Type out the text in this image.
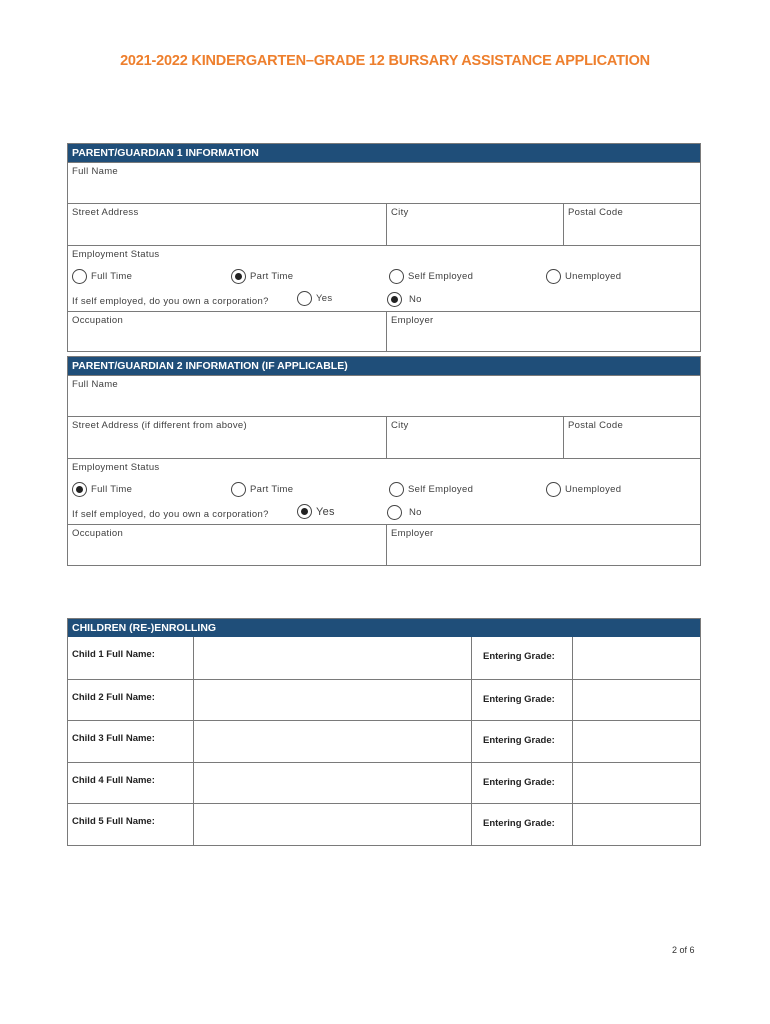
2021-2022 KINDERGARTEN–GRADE 12 BURSARY ASSISTANCE APPLICATION
PARENT/GUARDIAN 1 INFORMATION
Full Name
Street Address	City	Postal Code
Employment Status
Full Time	Part Time	Self Employed	Unemployed
If self employed, do you own a corporation?	Yes	No
Occupation	Employer
PARENT/GUARDIAN 2 INFORMATION (IF APPLICABLE)
Full Name
Street Address (if different from above)	City	Postal Code
Employment Status
Full Time	Part Time	Self Employed	Unemployed
If self employed, do you own a corporation?	Yes	No
Occupation	Employer
CHILDREN (RE-)ENROLLING
Child 1 Full Name:	Entering Grade:
Child 2 Full Name:	Entering Grade:
Child 3 Full Name:	Entering Grade:
Child 4 Full Name:	Entering Grade:
Child 5 Full Name:	Entering Grade:
2 of 6
